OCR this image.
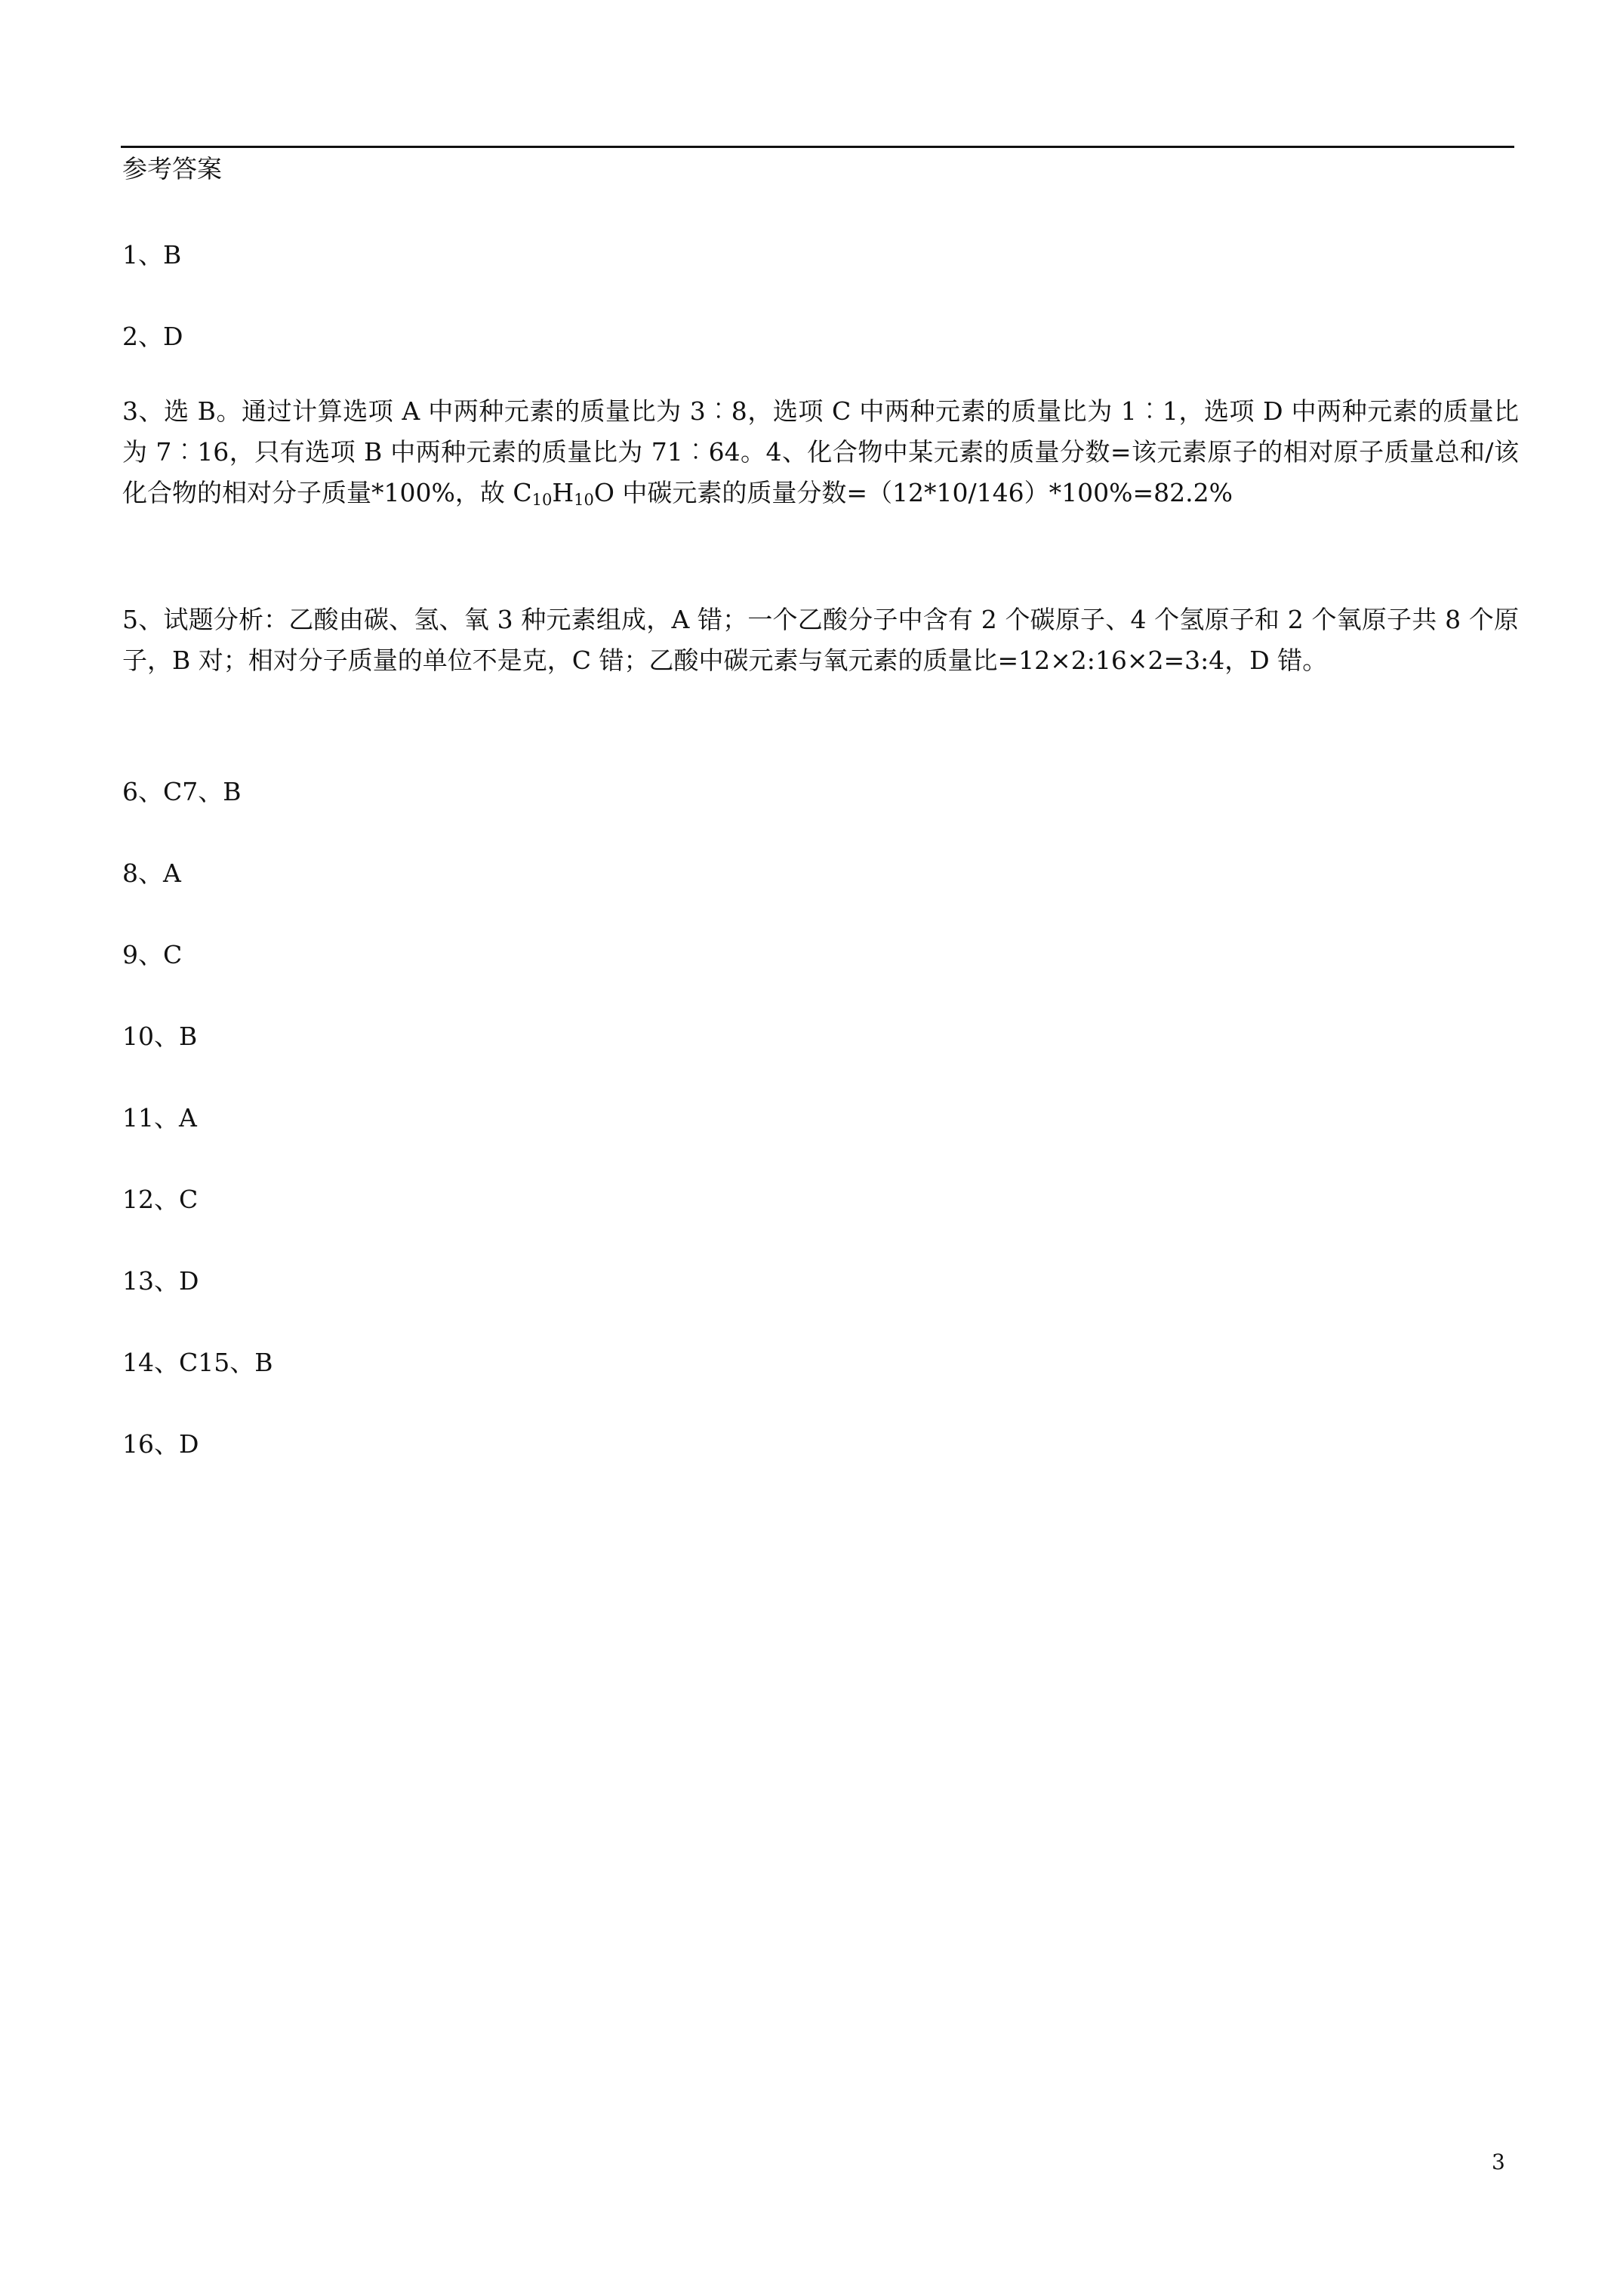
参考答案
1、B
2、D
3、选 B。通过计算选项 A 中两种元素的质量比为 3︰8，选项 C 中两种元素的质量比为 1︰1，选项 D 中两种元素的质量比为 7︰16，只有选项 B 中两种元素的质量比为 71︰64。4、化合物中某元素的质量分数=该元素原子的相对原子质量总和/该化合物的相对分子质量*100%，故 $C_{10}H_{10}O$ 中碳元素的质量分数=（12*10/146）*100%=82.2%
5、试题分析：乙酸由碳、氢、氧 3 种元素组成，A 错；一个乙酸分子中含有 2 个碳原子、4 个氢原子和 2 个氧原子共 8 个原子，B 对；相对分子质量的单位不是克，C 错；乙酸中碳元素与氧元素的质量比=12×2:16×2=3:4，D 错。
6、C7、B
8、A
9、C
10、B
11、A
12、C
13、D
14、C15、B
16、D
3
